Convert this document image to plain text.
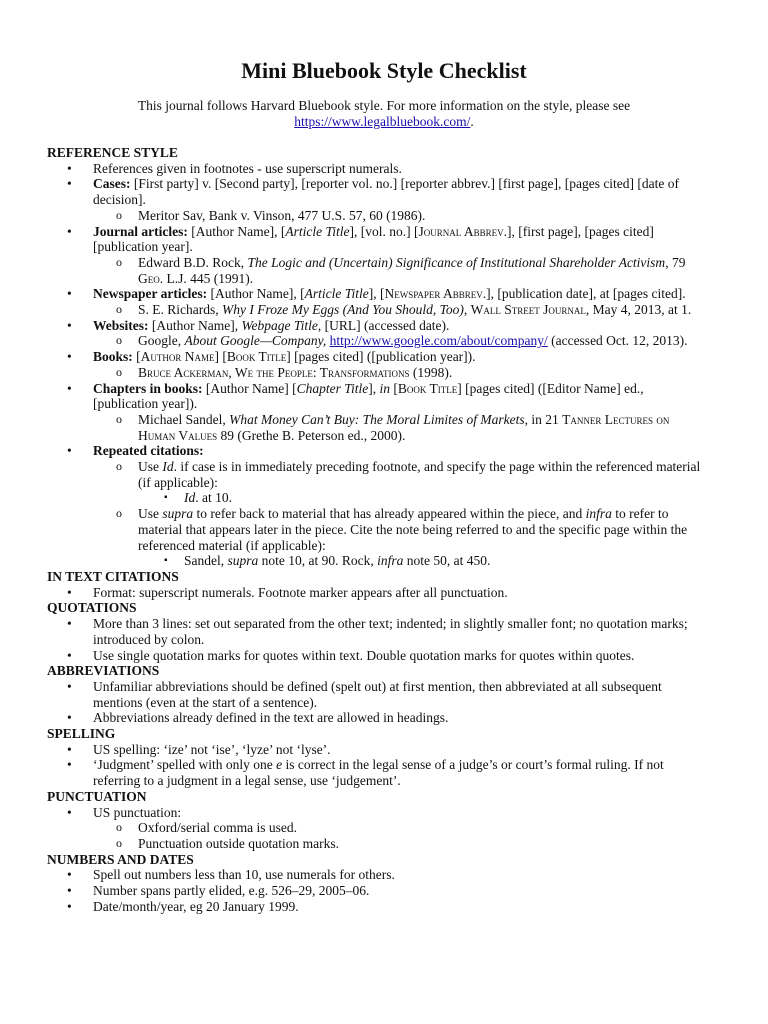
Mini Bluebook Style Checklist
This journal follows Harvard Bluebook style. For more information on the style, please see
https://www.legalbluebook.com/.

REFERENCE STYLE

• References given in footnotes - use superscript numerals.
• Cases: [First party] v. [Second party], [reporter vol. no.] [reporter abbrev.] [first page], [pages cited] [date of decision].
o Meritor Sav, Bank v. Vinson, 477 U.S. 57, 60 (1986).
• Journal articles: [Author Name], [Article Title], [vol. no.] [Journal Abbrev.], [first page], [pages cited] [publication year].
o Edward B.D. Rock, The Logic and (Uncertain) Significance of Institutional Shareholder Activism, 79 Geo. L.J. 445 (1991).
• Newspaper articles: [Author Name], [Article Title], [Newspaper Abbrev.], [publication date], at [pages cited].
o S. E. Richards, Why I Froze My Eggs (And You Should, Too), Wall Street Journal, May 4, 2013, at 1.
• Websites: [Author Name], Webpage Title, [URL] (accessed date).
o Google, About Google—Company, http://www.google.com/about/company/ (accessed Oct. 12, 2013).
• Books: [Author Name] [Book Title] [pages cited] ([publication year]).
o Bruce Ackerman, We the People: Transformations (1998).
• Chapters in books: [Author Name] [Chapter Title], in [Book Title] [pages cited] ([Editor Name] ed., [publication year]).
o Michael Sandel, What Money Can’t Buy: The Moral Limites of Markets, in 21 Tanner Lectures on Human Values 89 (Grethe B. Peterson ed., 2000).
• Repeated citations:
o Use Id. if case is in immediately preceding footnote, and specify the page within the referenced material (if applicable):
▪ Id. at 10.
o Use supra to refer back to material that has already appeared within the piece, and infra to refer to material that appears later in the piece. Cite the note being referred to and the specific page within the referenced material (if applicable):
▪ Sandel, supra note 10, at 90. Rock, infra note 50, at 450.

IN TEXT CITATIONS

• Format: superscript numerals. Footnote marker appears after all punctuation.

QUOTATIONS

• More than 3 lines: set out separated from the other text; indented; in slightly smaller font; no quotation marks; introduced by colon.
• Use single quotation marks for quotes within text. Double quotation marks for quotes within quotes.

ABBREVIATIONS

• Unfamiliar abbreviations should be defined (spelt out) at first mention, then abbreviated at all subsequent mentions (even at the start of a sentence).
• Abbreviations already defined in the text are allowed in headings.

SPELLING

• US spelling: ‘ize’ not ‘ise’, ‘lyze’ not ‘lyse’.
• ‘Judgment’ spelled with only one e is correct in the legal sense of a judge’s or court’s formal ruling. If not referring to a judgment in a legal sense, use ‘judgement’.

PUNCTUATION

• US punctuation:
o Oxford/serial comma is used.
o Punctuation outside quotation marks.

NUMBERS AND DATES

• Spell out numbers less than 10, use numerals for others.
• Number spans partly elided, e.g. 526–29, 2005–06.
• Date/month/year, eg 20 January 1999.
